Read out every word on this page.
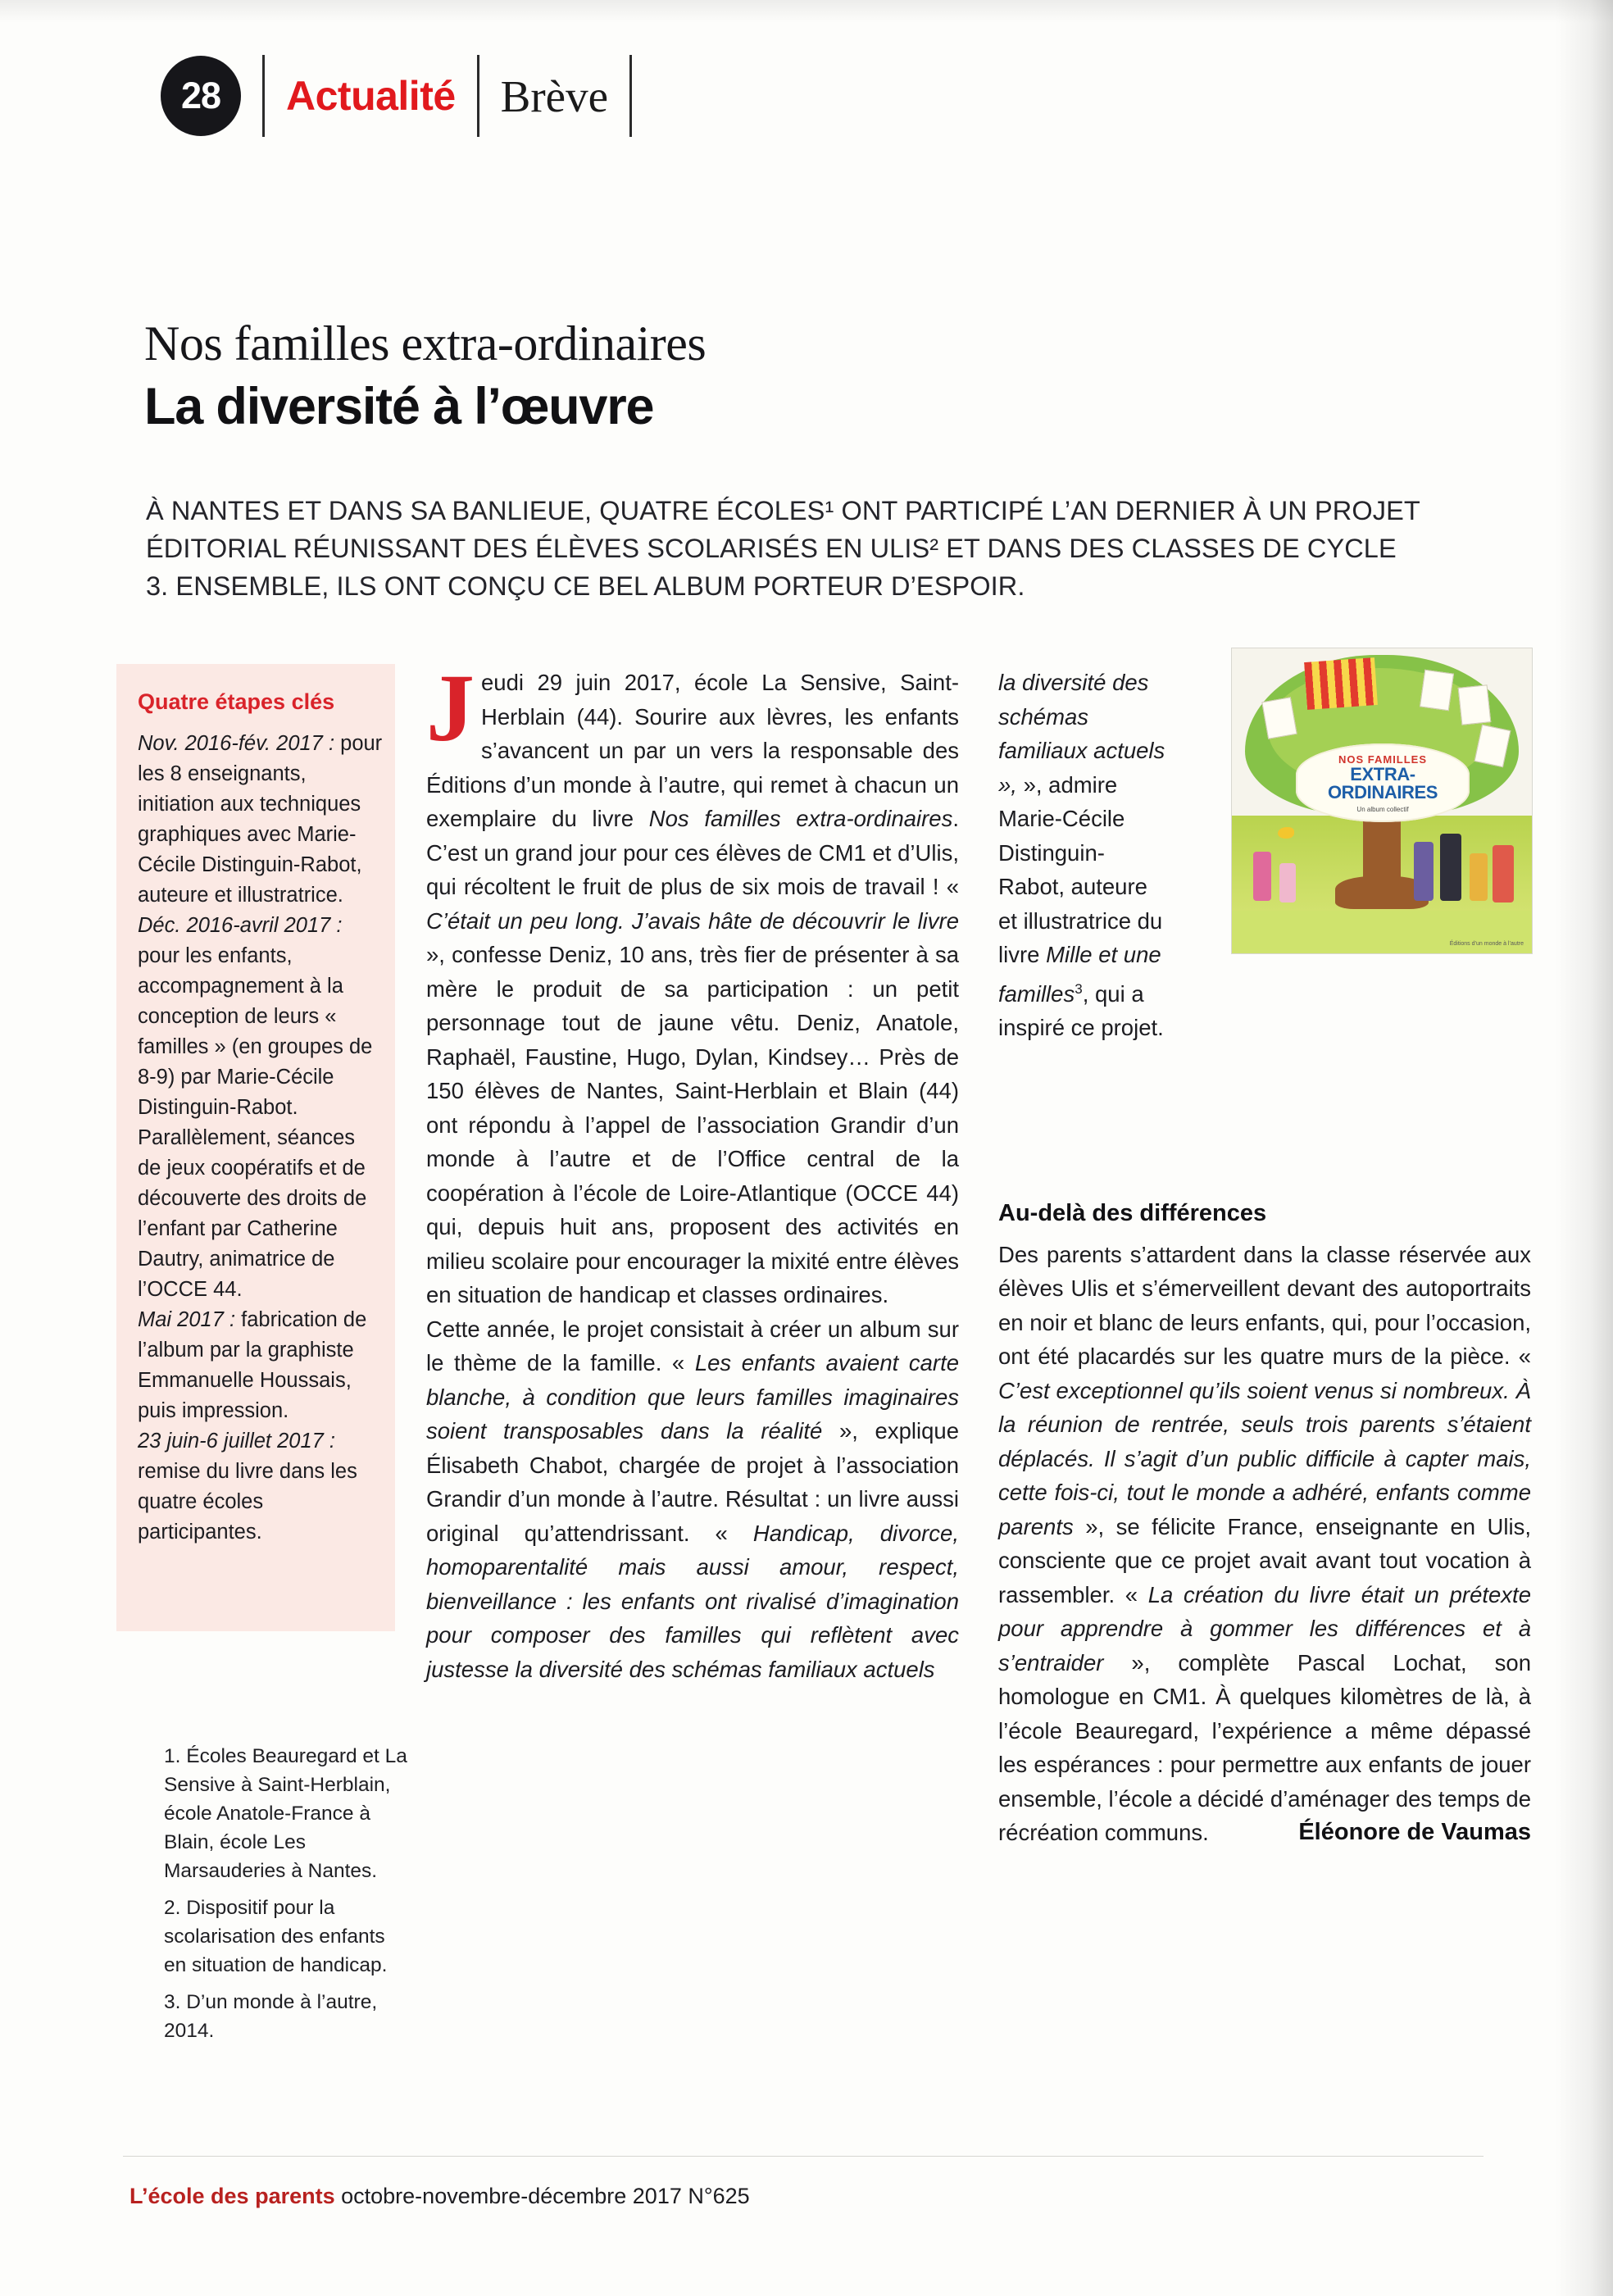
28	Actualité Brève
Nos familles extra-ordinaires
La diversité à l’œuvre
À NANTES ET DANS SA BANLIEUE, QUATRE ÉCOLES¹ ONT PARTICIPÉ L’AN DERNIER À UN PROJET ÉDITORIAL RÉUNISSANT DES ÉLÈVES SCOLARISÉS EN ULIS² ET DANS DES CLASSES DE CYCLE 3. ENSEMBLE, ILS ONT CONÇU CE BEL ALBUM PORTEUR D’ESPOIR.
Quatre étapes clés

Nov. 2016-fév. 2017 : pour les 8 enseignants, initiation aux techniques graphiques avec Marie-Cécile Distinguin-Rabot, auteure et illustratrice.

Déc. 2016-avril 2017 : pour les enfants, accompagnement à la conception de leurs « familles » (en groupes de 8-9) par Marie-Cécile Distinguin-Rabot. Parallèlement, séances de jeux coopératifs et de découverte des droits de l’enfant par Catherine Dautry, animatrice de l’OCCE 44.

Mai 2017 : fabrication de l’album par la graphiste Emmanuelle Houssais, puis impression.

23 juin-6 juillet 2017 : remise du livre dans les quatre écoles participantes.

1. Écoles Beauregard et La Sensive à Saint-Herblain, école Anatole-France à Blain, école Les Marsauderies à Nantes.

2. Dispositif pour la scolarisation des enfants en situation de handicap.

3. D’un monde à l’autre, 2014.

Jeudi 29 juin 2017, école La Sensive, Saint-Herblain (44). Sourire aux lèvres, les enfants s’avancent un par un vers la responsable des Éditions d’un monde à l’autre, qui remet à chacun un exemplaire du livre Nos familles extra-ordinaires. C’est un grand jour pour ces élèves de CM1 et d’Ulis, qui récoltent le fruit de plus de six mois de travail ! « C’était un peu long. J’avais hâte de découvrir le livre », confesse Deniz, 10 ans, très fier de présenter à sa mère le produit de sa participation : un petit personnage tout de jaune vêtu. Deniz, Anatole, Raphaël, Faustine, Hugo, Dylan, Kindsey… Près de 150 élèves de Nantes, Saint-Herblain et Blain (44) ont répondu à l’appel de l’association Grandir d’un monde à l’autre et de l’Office central de la coopération à l’école de Loire-Atlantique (OCCE 44) qui, depuis huit ans, proposent des activités en milieu scolaire pour encourager la mixité entre élèves en situation de handicap et classes ordinaires.

Cette année, le projet consistait à créer un album sur le thème de la famille. « Les enfants avaient carte blanche, à condition que leurs familles imaginaires soient transposables dans la réalité », explique Élisabeth Chabot, chargée de projet à l’association Grandir d’un monde à l’autre. Résultat : un livre aussi original qu’attendrissant. « Handicap, divorce, homoparentalité mais aussi amour, respect, bienveillance : les enfants ont rivalisé d’imagination pour composer des familles qui reflètent avec justesse la diversité des schémas familiaux actuels

la diversité des schémas familiaux actuels », », admire Marie-Cécile Distinguin-Rabot, auteure et illustratrice du livre Mille et une familles$^3$, qui a inspiré ce projet.

Au-delà des différences

Des parents s’attardent dans la classe réservée aux élèves Ulis et s’émerveillent devant des autoportraits en noir et blanc de leurs enfants, qui, pour l’occasion, ont été placardés sur les quatre murs de la pièce. « C’est exceptionnel qu’ils soient venus si nombreux. À la réunion de rentrée, seuls trois parents s’étaient déplacés. Il s’agit d’un public difficile à capter mais, cette fois-ci, tout le monde a adhéré, enfants comme parents », se félicite France, enseignante en Ulis, consciente que ce projet avait avant tout vocation à rassembler. « La création du livre était un prétexte pour apprendre à gommer les différences et à s’entraider », complète Pascal Lochat, son homologue en CM1. À quelques kilomètres de là, à l’école Beauregard, l’expérience a même dépassé les espérances : pour permettre aux enfants de jouer ensemble, l’école a décidé d’aménager des temps de récréation communs.	Éléonore de Vaumas

NOS FAMILLES
EXTRA-ORDINAIRES
Un album collectif
Éditions d’un monde à l’autre
L’école des parents octobre-novembre-décembre 2017 N°625
